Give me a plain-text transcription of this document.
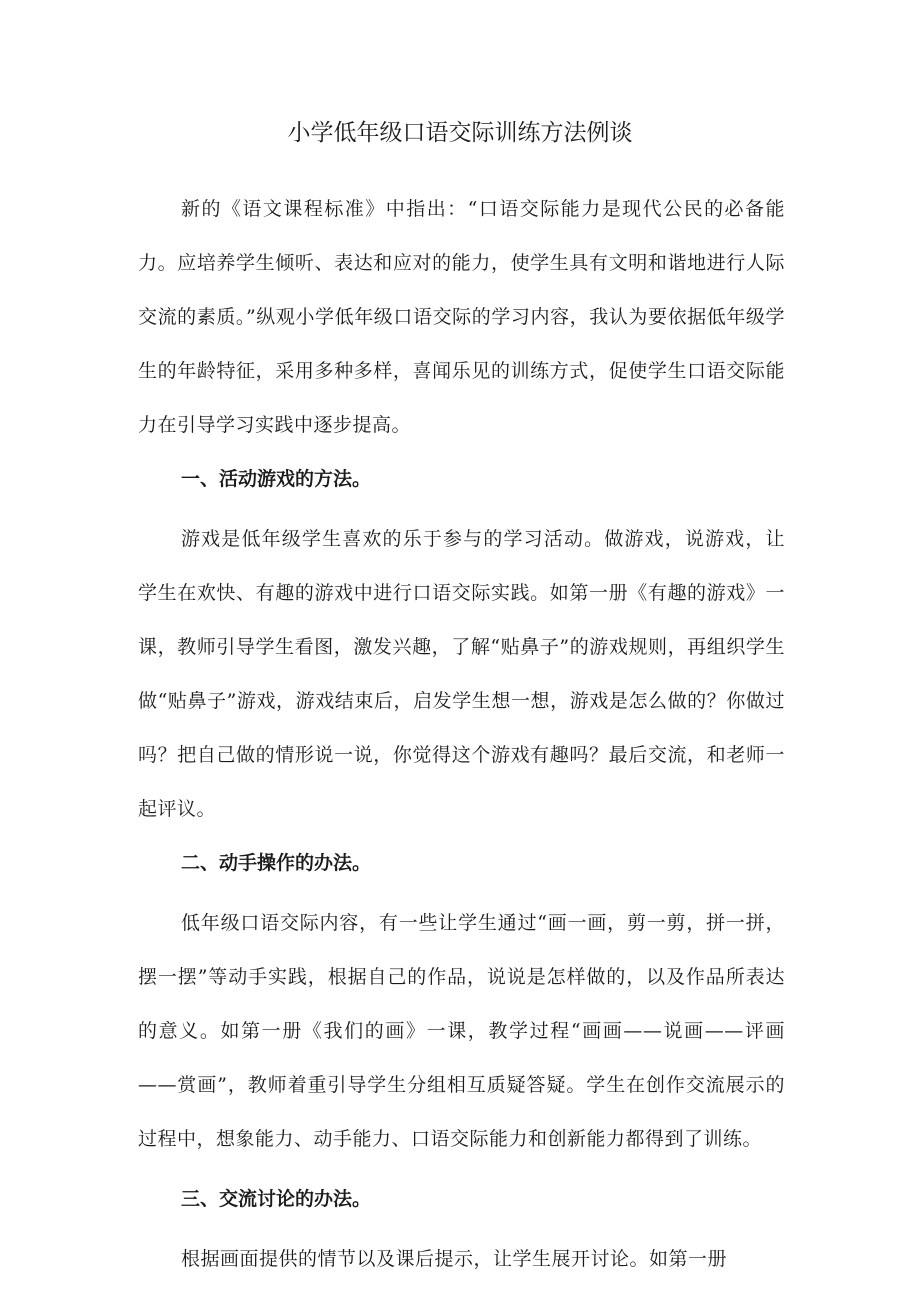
小学低年级口语交际训练方法例谈

新的《语文课程标准》中指出：“口语交际能力是现代公民的必备能力。应培养学生倾听、表达和应对的能力，使学生具有文明和谐地进行人际交流的素质。”纵观小学低年级口语交际的学习内容，我认为要依据低年级学生的年龄特征，采用多种多样，喜闻乐见的训练方式，促使学生口语交际能力在引导学习实践中逐步提高。

一、活动游戏的方法。

游戏是低年级学生喜欢的乐于参与的学习活动。做游戏，说游戏，让学生在欢快、有趣的游戏中进行口语交际实践。如第一册《有趣的游戏》一课，教师引导学生看图，激发兴趣，了解“贴鼻子”的游戏规则，再组织学生做“贴鼻子”游戏，游戏结束后，启发学生想一想，游戏是怎么做的？你做过吗？把自己做的情形说一说，你觉得这个游戏有趣吗？最后交流，和老师一起评议。

二、动手操作的办法。

低年级口语交际内容，有一些让学生通过“画一画，剪一剪，拼一拼，摆一摆”等动手实践，根据自己的作品，说说是怎样做的，以及作品所表达的意义。如第一册《我们的画》一课，教学过程“画画——说画——评画——赏画”，教师着重引导学生分组相互质疑答疑。学生在创作交流展示的过程中，想象能力、动手能力、口语交际能力和创新能力都得到了训练。

三、交流讨论的办法。

根据画面提供的情节以及课后提示，让学生展开讨论。如第一册
